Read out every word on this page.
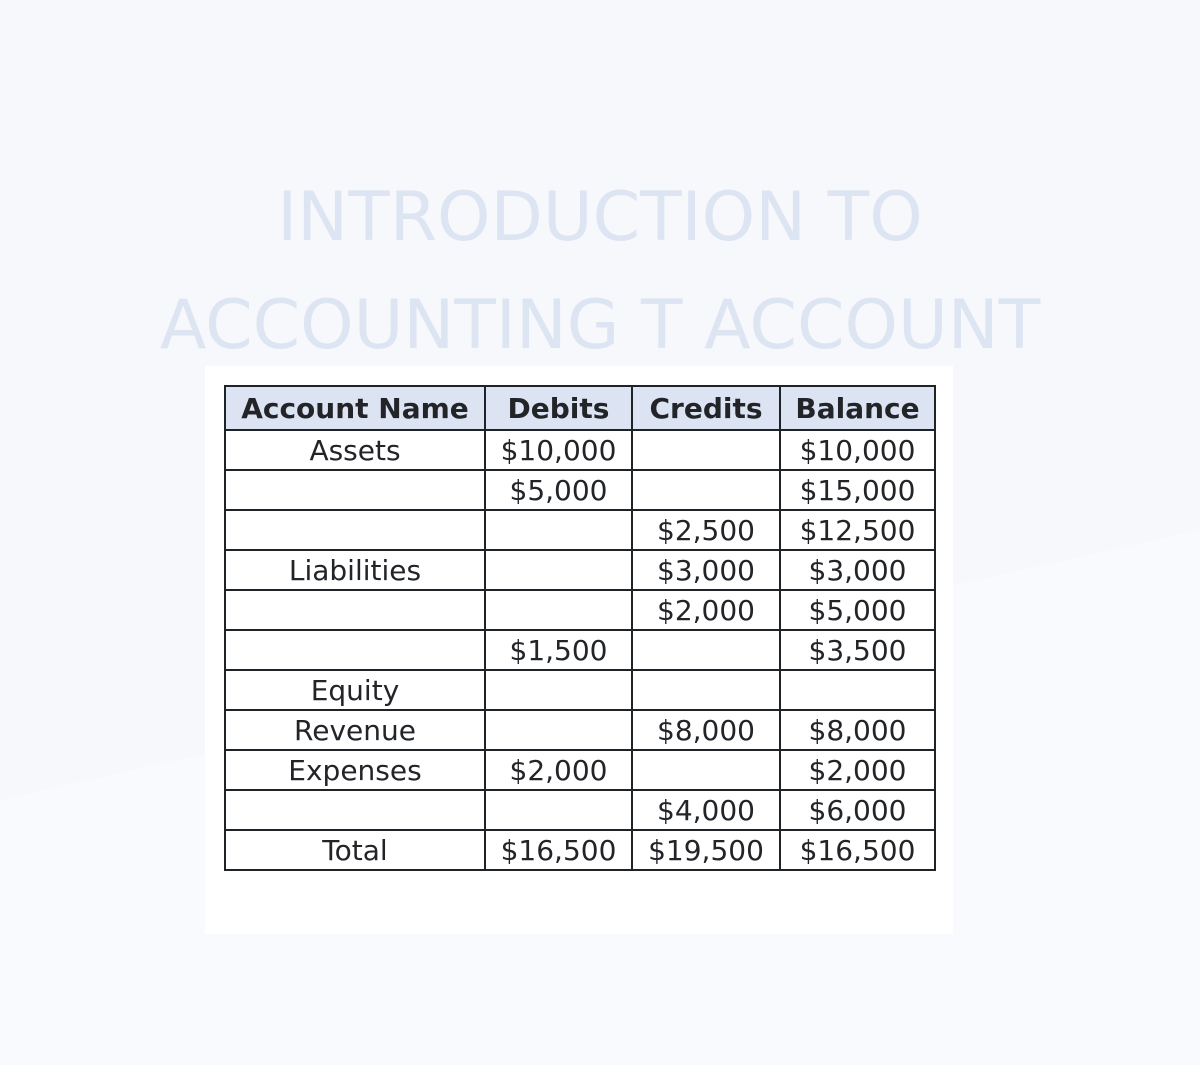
INTRODUCTION TO
ACCOUNTING T ACCOUNT
Account Name	Debits	Credits	Balance
Assets	$10,000		$10,000
	$5,000		$15,000
		$2,500	$12,500
Liabilities		$3,000	$3,000
		$2,000	$5,000
	$1,500		$3,500
Equity			
Revenue		$8,000	$8,000
Expenses	$2,000		$2,000
		$4,000	$6,000
Total	$16,500	$19,500	$16,500
